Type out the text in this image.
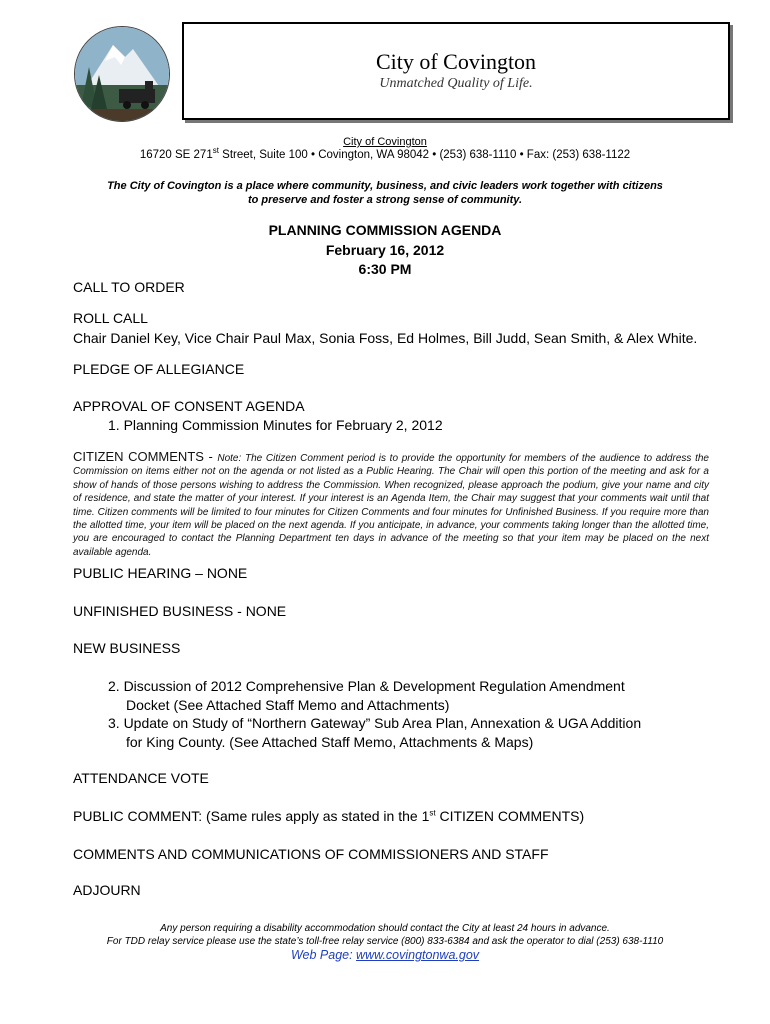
City of Covington
Unmatched Quality of Life.
City of Covington
16720 SE 271st Street, Suite 100 • Covington, WA 98042 • (253) 638-1110 • Fax: (253) 638-1122
The City of Covington is a place where community, business, and civic leaders work together with citizens
to preserve and foster a strong sense of community.
PLANNING COMMISSION AGENDA
February 16, 2012
6:30 PM
CALL TO ORDER
ROLL CALL
Chair Daniel Key, Vice Chair Paul Max, Sonia Foss, Ed Holmes, Bill Judd, Sean Smith, & Alex White.
PLEDGE OF ALLEGIANCE
APPROVAL OF CONSENT AGENDA
1. Planning Commission Minutes for February 2, 2012
CITIZEN COMMENTS - Note: The Citizen Comment period is to provide the opportunity for members of the audience to address the Commission on items either not on the agenda or not listed as a Public Hearing. The Chair will open this portion of the meeting and ask for a show of hands of those persons wishing to address the Commission. When recognized, please approach the podium, give your name and city of residence, and state the matter of your interest. If your interest is an Agenda Item, the Chair may suggest that your comments wait until that time. Citizen comments will be limited to four minutes for Citizen Comments and four minutes for Unfinished Business. If you require more than the allotted time, your item will be placed on the next agenda. If you anticipate, in advance, your comments taking longer than the allotted time, you are encouraged to contact the Planning Department ten days in advance of the meeting so that your item may be placed on the next available agenda.
PUBLIC HEARING – NONE
UNFINISHED BUSINESS - NONE
NEW BUSINESS
2. Discussion of 2012 Comprehensive Plan & Development Regulation Amendment
Docket (See Attached Staff Memo and Attachments)
3. Update on Study of “Northern Gateway” Sub Area Plan, Annexation & UGA Addition
for King County. (See Attached Staff Memo, Attachments & Maps)
ATTENDANCE VOTE
PUBLIC COMMENT: (Same rules apply as stated in the 1st CITIZEN COMMENTS)
COMMENTS AND COMMUNICATIONS OF COMMISSIONERS AND STAFF
ADJOURN
Any person requiring a disability accommodation should contact the City at least 24 hours in advance.
For TDD relay service please use the state’s toll-free relay service (800) 833-6384 and ask the operator to dial (253) 638-1110
Web Page: www.covingtonwa.gov
